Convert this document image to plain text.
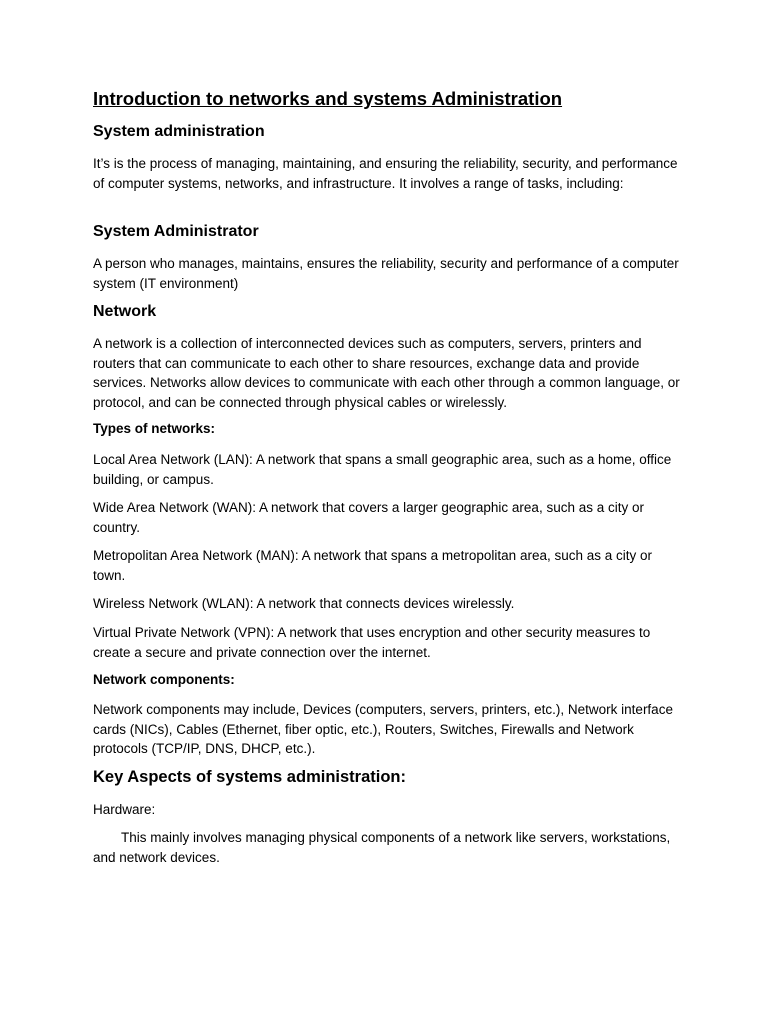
Introduction to networks and systems Administration
System administration
It’s is the process of managing, maintaining, and ensuring the reliability, security, and performance of computer systems, networks, and infrastructure. It involves a range of tasks, including:
System Administrator
A person who manages, maintains, ensures the reliability, security and performance of a computer system (IT environment)
Network
A network is a collection of interconnected devices such as computers, servers, printers and routers that can communicate to each other to share resources, exchange data and provide services. Networks allow devices to communicate with each other through a common language, or protocol, and can be connected through physical cables or wirelessly.
Types of networks:
Local Area Network (LAN): A network that spans a small geographic area, such as a home, office building, or campus.
Wide Area Network (WAN): A network that covers a larger geographic area, such as a city or country.
Metropolitan Area Network (MAN): A network that spans a metropolitan area, such as a city or town.
Wireless Network (WLAN): A network that connects devices wirelessly.
Virtual Private Network (VPN): A network that uses encryption and other security measures to create a secure and private connection over the internet.
Network components:
Network components may include, Devices (computers, servers, printers, etc.), Network interface cards (NICs), Cables (Ethernet, fiber optic, etc.), Routers, Switches, Firewalls and Network protocols (TCP/IP, DNS, DHCP, etc.).
Key Aspects of systems administration:
Hardware:
This mainly involves managing physical components of a network like servers, workstations, and network devices.
